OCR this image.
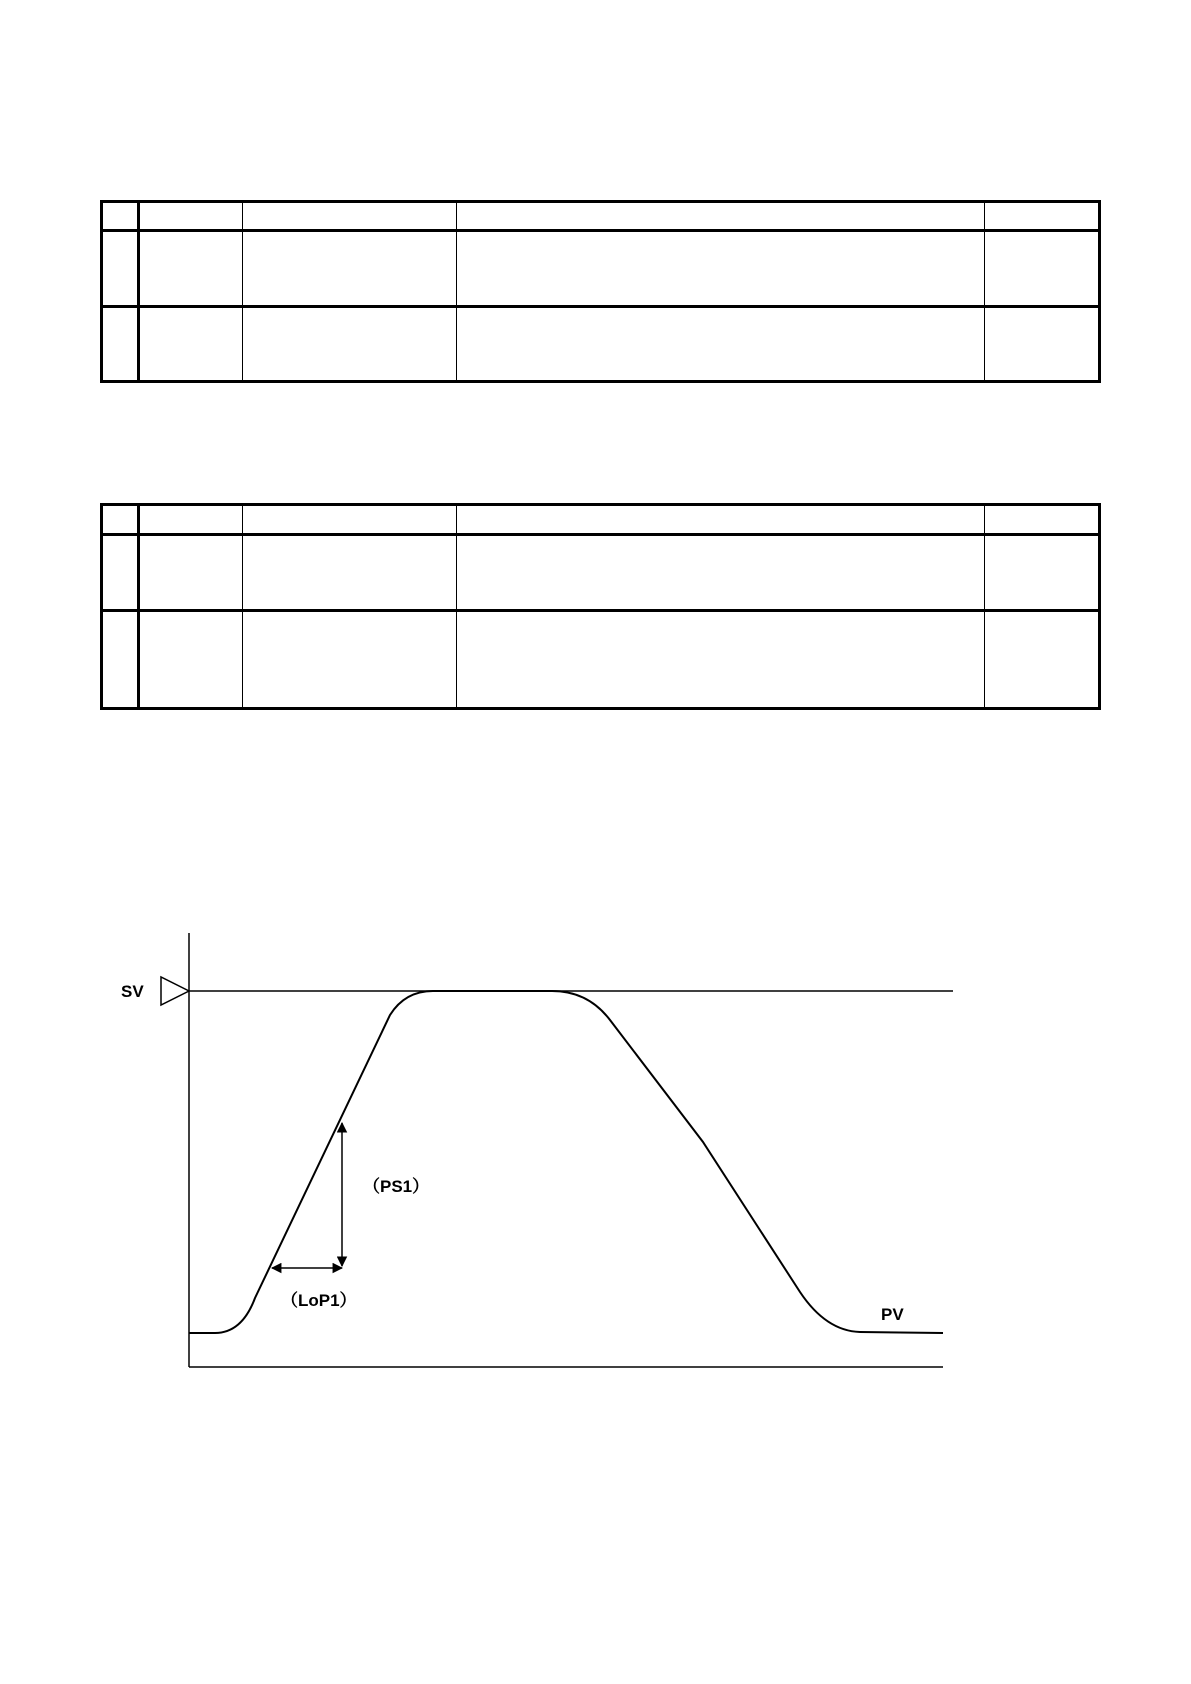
SV
（PS1）
（LoP1）
PV
